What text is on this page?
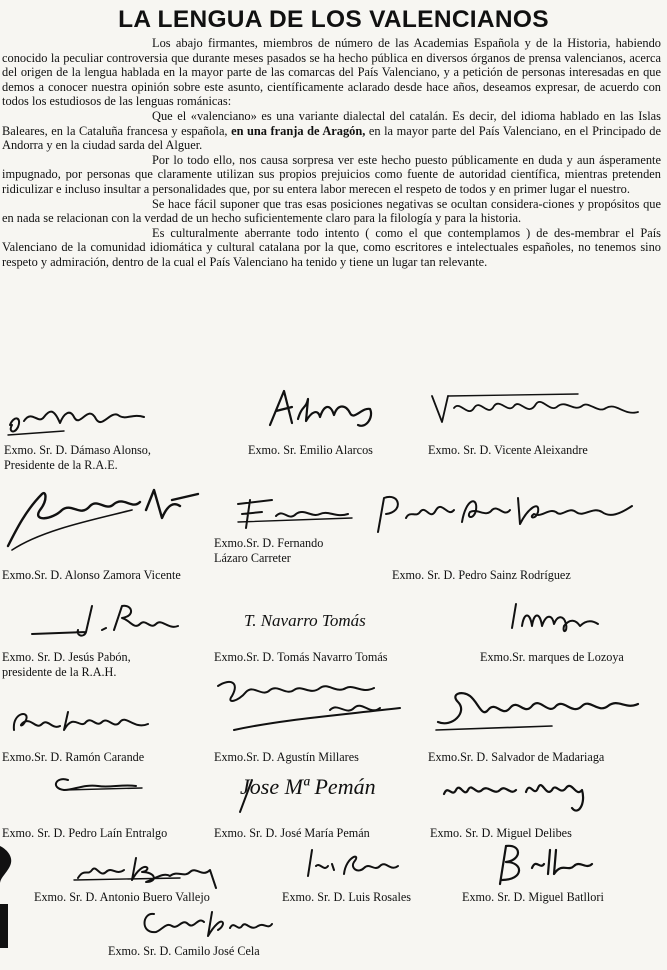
LA LENGUA DE LOS VALENCIANOS

Los abajo firmantes, miembros de número de las Academias Española y de la Historia, habiendo conocido la peculiar controversia que durante meses pasados se ha hecho pública en diversos órganos de prensa valencianos, acerca del origen de la lengua hablada en la mayor parte de las comarcas del País Valenciano, y a petición de personas interesadas en que demos a conocer nuestra opinión sobre este asunto, científicamente aclarado desde hace años, deseamos expresar, de acuerdo con todos los estudiosos de las lenguas románicas:

Que el «valenciano» es una variante dialectal del catalán. Es decir, del idioma hablado en las Islas Baleares, en la Cataluña francesa y española, en una franja de Aragón, en la mayor parte del País Valenciano, en el Principado de Andorra y en la ciudad sarda del Alguer.

Por lo todo ello, nos causa sorpresa ver este hecho puesto públicamente en duda y aun ásperamente impugnado, por personas que claramente utilizan sus propios prejuicios como fuente de autoridad científica, mientras pretenden ridiculizar e incluso insultar a personalidades que, por su entera labor merecen el respeto de todos y en primer lugar el nuestro.

Se hace fácil suponer que tras esas posiciones negativas se ocultan considera-ciones y propósitos que en nada se relacionan con la verdad de un hecho suficientemente claro para la filología y para la historia.

Es culturalmente aberrante todo intento ( como el que contemplamos ) de des-membrar el País Valenciano de la comunidad idiomática y cultural catalana por la que, como escritores e intelectuales españoles, no tenemos sino respeto y admiración, dentro de la cual el País Valenciano ha tenido y tiene un lugar tan relevante.

Exmo. Sr. D. Dámaso Alonso,
Presidente de la R.A.E.
Exmo. Sr. Emilio Alarcos	Exmo. Sr. D. Vicente Aleixandre
Exmo.Sr. D. Fernando
Lázaro Carreter
Exmo.Sr. D. Alonso Zamora Vicente	Exmo. Sr. D. Pedro Sainz Rodríguez
T. Navarro Tomás
Exmo. Sr. D. Jesús Pabón,
presidente de la R.A.H.
Exmo.Sr. D. Tomás Navarro Tomás	Exmo.Sr. marques de Lozoya
Exmo.Sr. D. Ramón Carande	Exmo.Sr. D. Agustín Millares	Exmo.Sr. D. Salvador de Madariaga
Jose Mª Pemán
Exmo. Sr. D. Pedro Laín Entralgo	Exmo. Sr. D. José María Pemán	Exmo. Sr. D. Miguel Delibes
Exmo. Sr. D. Antonio Buero Vallejo	Exmo. Sr. D. Luis Rosales	Exmo. Sr. D. Miguel Batllori
Exmo. Sr. D. Camilo José Cela
